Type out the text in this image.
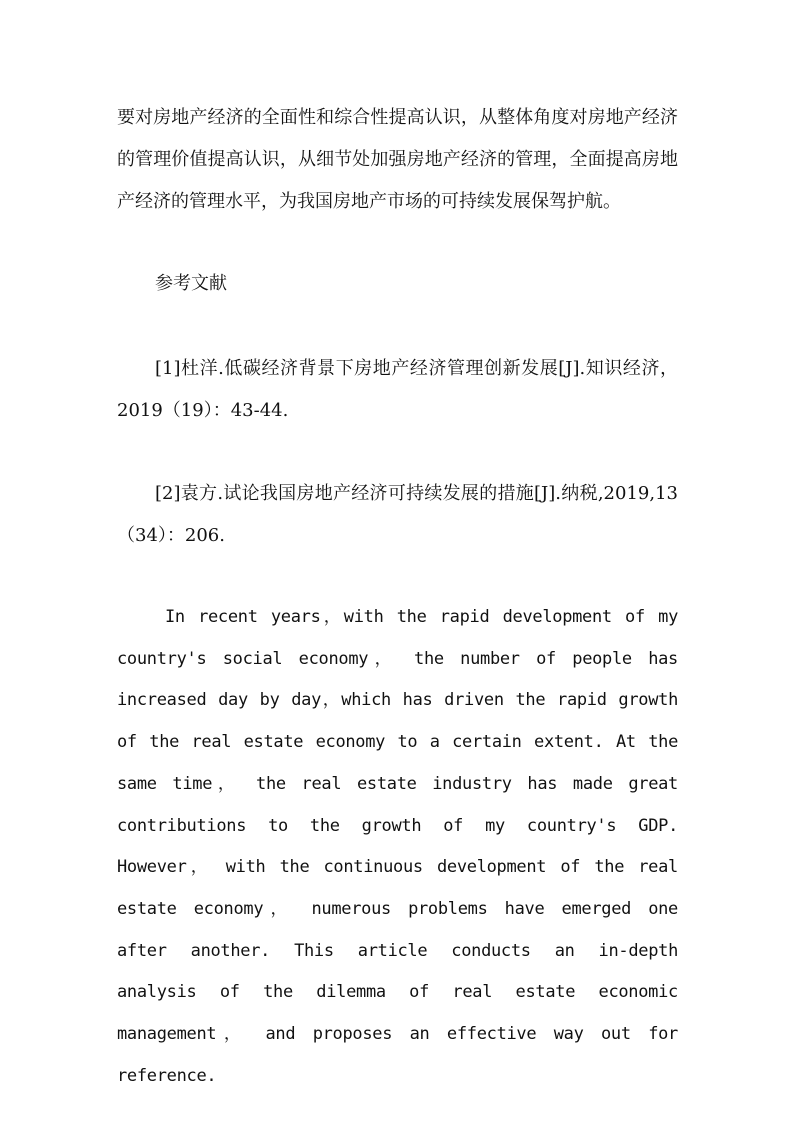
要对房地产经济的全面性和综合性提高认识，从整体角度对房地产经济的管理价值提高认识，从细节处加强房地产经济的管理，全面提高房地产经济的管理水平，为我国房地产市场的可持续发展保驾护航。
参考文献
[1]杜洋.低碳经济背景下房地产经济管理创新发展[J].知识经济，2019（19）：43-44.
[2]袁方.试论我国房地产经济可持续发展的措施[J].纳税,2019,13（34）：206.
In recent years，with the rapid development of my country's social economy， the number of people has increased day by day，which has driven the rapid growth of the real estate economy to a certain extent. At the same time， the real estate industry has made great contributions to the growth of my country's GDP. However， with the continuous development of the real estate economy， numerous problems have emerged one after another. This article conducts an in-depth analysis of the dilemma of real estate economic management， and proposes an effective way out for reference.
